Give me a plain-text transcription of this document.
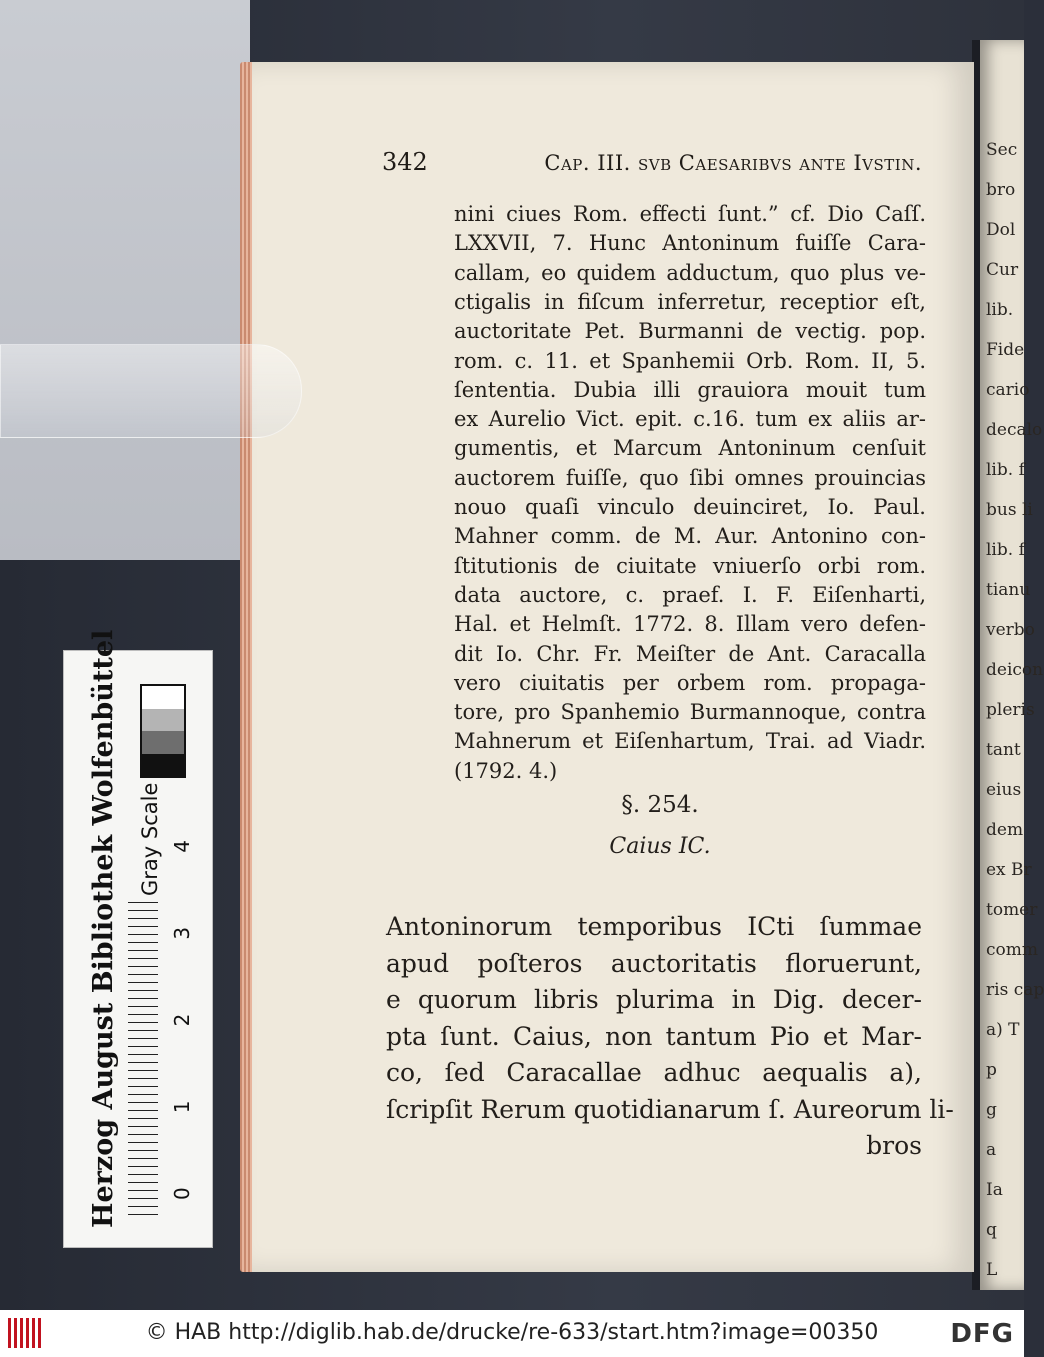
Sec
bro
Dol
Cur
lib.
Fide
cario
decalo
lib. f
bus li
lib. f
tianu
verbo
deicon
pleris
tant
eius
dem
ex Br
tomer
comm
ris cap
a) T
p
g
a
Ia
q
L
342	Cap. III. svb Caesaribvs ante Ivstin.
nini ciues Rom. effecti ſunt.” cf. Dio Caſſ.
LXXVII, 7. Hunc Antoninum fuiſſe Cara-
callam, eo quidem adductum, quo plus ve-
ctigalis in fiſcum inferretur, receptior eſt,
auctoritate Pet. Burmanni de vectig. pop.
rom. c. 11. et Spanhemii Orb. Rom. II, 5.
ſententia. Dubia illi grauiora mouit tum
ex Aurelio Vict. epit. c.16. tum ex aliis ar-
gumentis, et Marcum Antoninum cenſuit
auctorem fuiſſe, quo ſibi omnes prouincias
nouo quaſi vinculo deuinciret, Io. Paul.
Mahner comm. de M. Aur. Antonino con-
ſtitutionis de ciuitate vniuerſo orbi rom.
data auctore, c. praef. I. F. Eiſenharti,
Hal. et Helmſt. 1772. 8. Illam vero defen-
dit Io. Chr. Fr. Meiſter de Ant. Caracalla
vero ciuitatis per orbem rom. propaga-
tore, pro Spanhemio Burmannoque, contra
Mahnerum et Eiſenhartum, Trai. ad Viadr.
(1792. 4.)
§. 254.
Caius IC.
Antoninorum temporibus ICti ſummae
apud poſteros auctoritatis floruerunt,
e quorum libris plurima in Dig. decer-
pta ſunt. Caius, non tantum Pio et Mar-
co, ſed Caracallae adhuc aequalis a),
ſcripſit Rerum quotidianarum ſ. Aureorum li-
bros
Herzog August Bibliothek Wolfenbüttel Gray Scale
0
1
2
3
4
© HAB http://diglib.hab.de/drucke/re-633/start.htm?image=00350	DFG
